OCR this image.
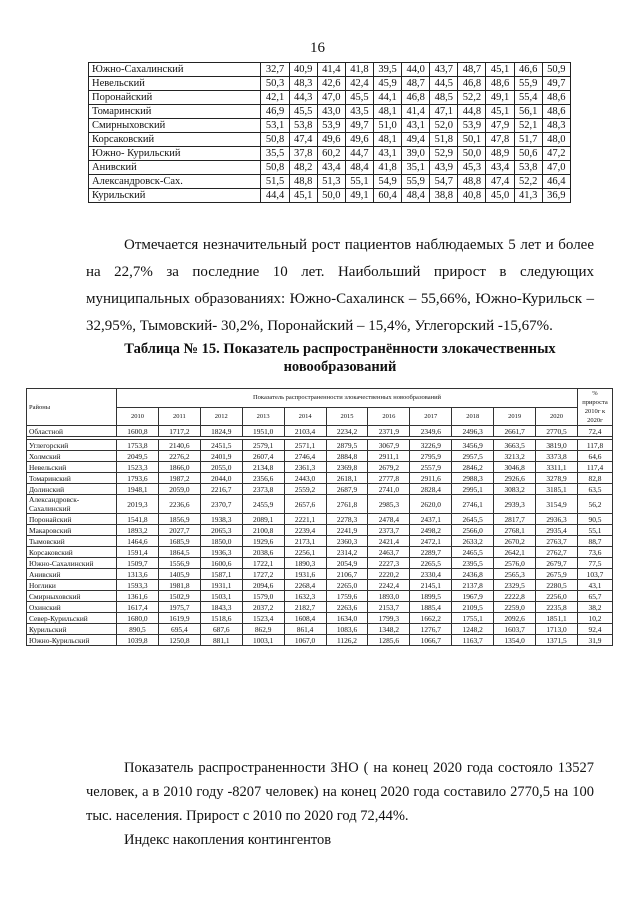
16
Южно-Сахалинский	32,7	40,9	41,4	41,8	39,5	44,0	43,7	48,7	45,1	46,6	50,9
Невельский	50,3	48,3	42,6	42,4	45,9	48,7	44,5	46,8	48,6	55,9	49,7
Поронайский	42,1	44,3	47,0	45,5	44,1	46,8	48,5	52,2	49,1	55,4	48,6
Томаринский	46,9	45,5	43,0	43,5	48,1	41,4	47,1	44,8	45,1	56,1	48,6
Смирныховский	53,1	53,8	53,9	49,7	51,0	43,1	52,0	53,9	47,9	52,1	48,3
Корсаковский	50,8	47,4	49,6	49,6	48,1	49,4	51,8	50,1	47,8	51,7	48,0
Южно- Курильский	35,5	37,8	60,2	44,7	43,1	39,0	52,9	50,0	48,9	50,6	47,2
Анивский	50,8	48,2	43,4	48,4	41,8	35,1	43,9	45,3	43,4	53,8	47,0
Александровск-Сах.	51,5	48,8	51,3	55,1	54,9	55,9	54,7	48,8	47,4	52,2	46,4
Курильский	44,4	45,1	50,0	49,1	60,4	48,4	38,8	40,8	45,0	41,3	36,9
Отмечается незначительный рост пациентов наблюдаемых 5 лет и более на 22,7% за последние 10 лет. Наибольший прирост в следующих муниципальных образованиях: Южно-Сахалинск – 55,66%, Южно-Курильск – 32,95%, Тымовский- 30,2%, Поронайский – 15,4%, Углегорский -15,67%.
Таблица № 15. Показатель распространённости злокачественных новообразований
Районы	Показатель распространенности злокачественных новообразований											% прироста 2010г к 2020г
	2010	2011	2012	2013	2014	2015	2016	2017	2018	2019	2020	
Областной	1600,8	1717,2	1824,9	1951,0	2103,4	2234,2	2371,9	2349,6	2496,3	2661,7	2770,5	72,4

Углегорский	1753,8	2140,6	2451,5	2579,1	2571,1	2879,5	3067,9	3226,9	3456,9	3663,5	3819,0	117,8
Холмский	2049,5	2276,2	2401,9	2607,4	2746,4	2884,8	2911,1	2795,9	2957,5	3213,2	3373,8	64,6
Невельский	1523,3	1866,0	2055,0	2134,8	2361,3	2369,8	2679,2	2557,9	2846,2	3046,8	3311,1	117,4
Томаринский	1793,6	1987,2	2044,0	2356,6	2443,0	2618,1	2777,8	2911,6	2988,3	2926,6	3278,9	82,8
Долинский	1948,1	2059,0	2216,7	2373,8	2559,2	2687,9	2741,0	2828,4	2995,1	3083,2	3185,1	63,5
Александровск-Сахалинский	2019,3	2236,6	2370,7	2455,9	2657,6	2761,8	2985,3	2620,0	2746,1	2939,3	3154,9	56,2
Поронайский	1541,8	1856,9	1938,3	2089,1	2221,1	2278,3	2478,4	2437,1	2645,5	2817,7	2936,3	90,5
Макаровский	1893,2	2027,7	2065,3	2100,8	2239,4	2241,9	2373,7	2498,2	2566,0	2768,1	2935,4	55,1
Тымовский	1464,6	1685,9	1850,0	1929,6	2173,1	2360,3	2421,4	2472,1	2633,2	2670,2	2763,7	88,7
Корсаковский	1591,4	1864,5	1936,3	2038,6	2256,1	2314,2	2463,7	2289,7	2465,5	2642,1	2762,7	73,6
Южно-Сахалинский	1509,7	1556,9	1600,6	1722,1	1890,3	2054,9	2227,3	2265,5	2395,5	2576,0	2679,7	77,5
Анивский	1313,6	1405,9	1587,1	1727,2	1931,6	2106,7	2220,2	2330,4	2436,8	2565,3	2675,9	103,7
Ноглики	1593,3	1981,8	1931,1	2094,6	2268,4	2265,0	2242,4	2145,1	2137,8	2329,5	2280,5	43,1
Смирныховский	1361,6	1502,9	1503,1	1579,0	1632,3	1759,6	1893,0	1899,5	1967,9	2222,8	2256,0	65,7
Охинский	1617,4	1975,7	1843,3	2037,2	2182,7	2263,6	2153,7	1885,4	2109,5	2259,0	2235,8	38,2
Север-Курильский	1680,0	1619,9	1518,6	1523,4	1608,4	1634,0	1799,3	1662,2	1755,1	2092,6	1851,1	10,2
Курильский	890,5	695,4	687,6	862,9	861,4	1083,6	1348,2	1276,7	1248,2	1603,7	1713,0	92,4
Южно-Курильский	1039,8	1250,8	881,1	1003,1	1067,0	1126,2	1285,6	1066,7	1163,7	1354,0	1371,5	31,9
Показатель распространенности ЗНО ( на конец 2020 года состояло 13527 человек, а в 2010 году -8207 человек) на конец 2020 года составило 2770,5 на 100 тыс. населения. Прирост с 2010 по 2020 год 72,44%.
Индекс накопления контингентов
